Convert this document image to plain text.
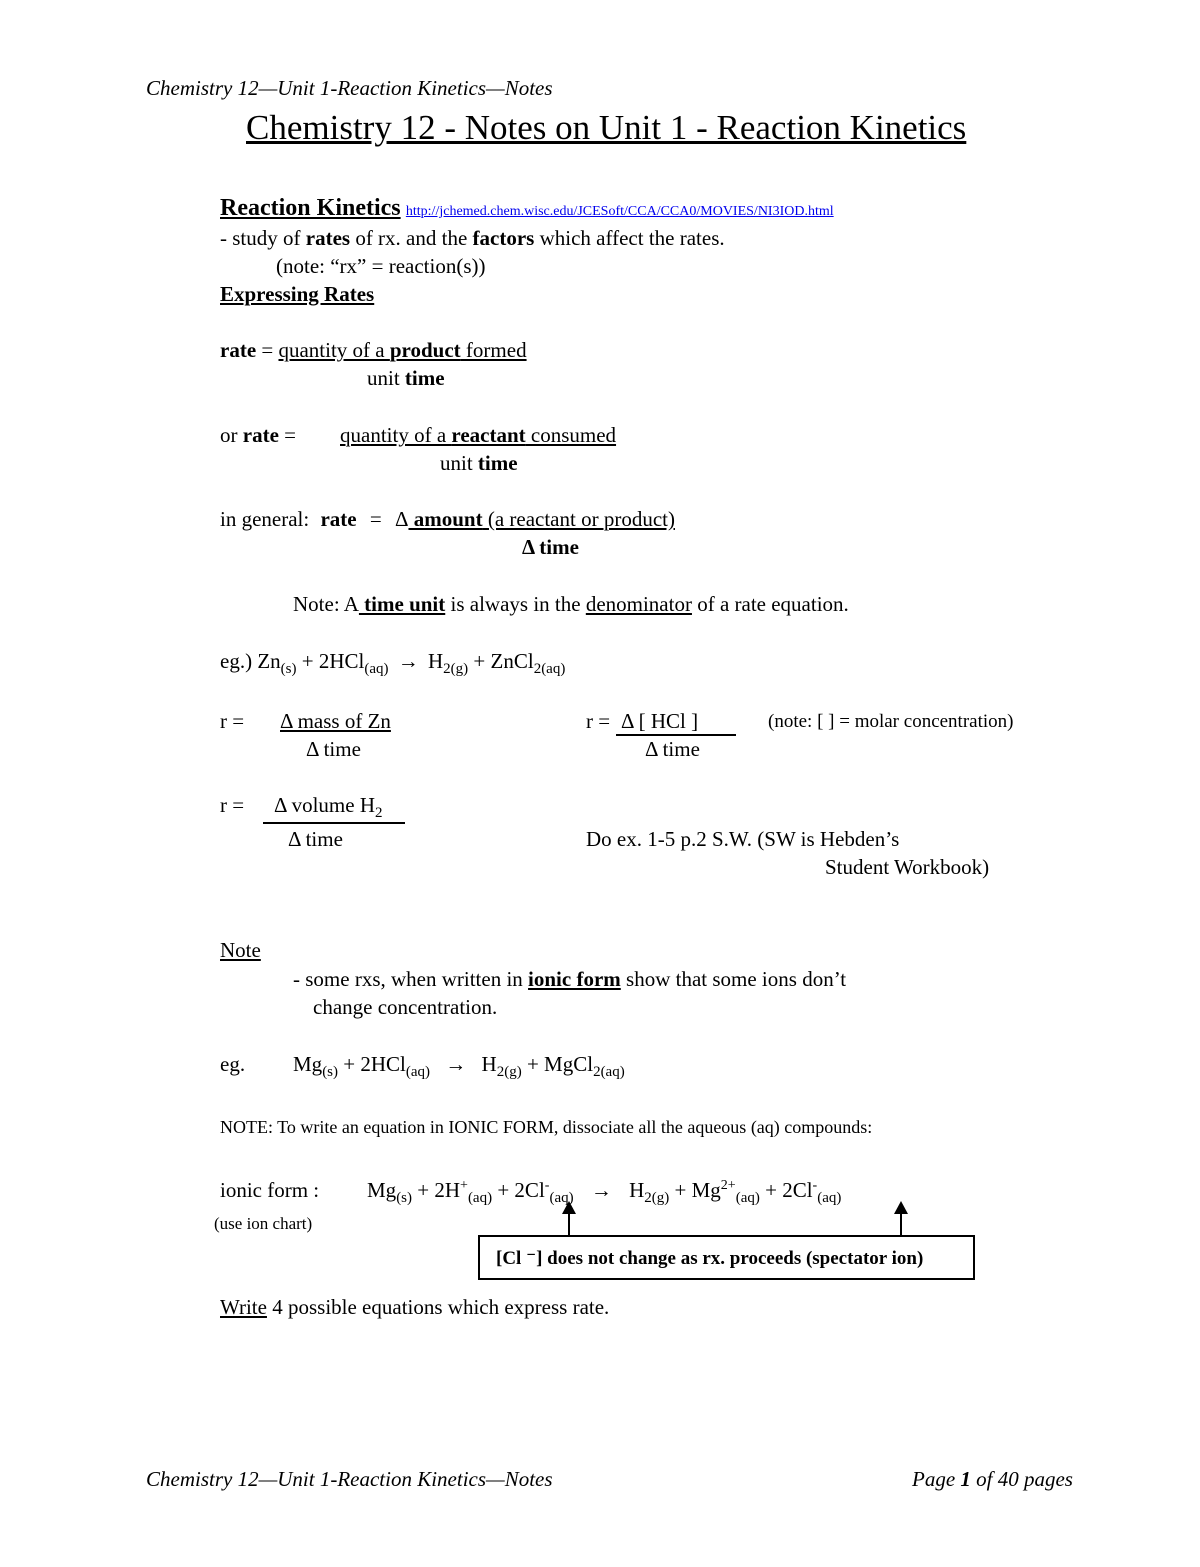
Chemistry 12—Unit 1-Reaction Kinetics—Notes
Chemistry 12 - Notes on Unit 1 - Reaction Kinetics
Reaction Kinetics http://jchemed.chem.wisc.edu/JCESoft/CCA/CCA0/MOVIES/NI3IOD.html
- study of rates of rx. and the factors which affect the rates.
(note: “rx” = reaction(s))
Expressing Rates
rate = quantity of a product formed
unit time
or rate = quantity of a reactant consumed
unit time
in general: rate = Δ amount (a reactant or product)
Δ time
Note: A time unit is always in the denominator of a rate equation.
eg.) $Zn_{(s)} + 2HCl_{(aq)} \to H_{2(g)}$ + ZnCl$_{2(aq)}$
r = Δ mass of Zn
Δ time
r = Δ [ HCl ]
Δ time
(note: [ ] = molar concentration)
r = Δ volume $H_2$
Δ time	Do ex. 1-5 p.2 S.W. (SW is Hebden’s
Student Workbook)
Note
- some rxs, when written in ionic form show that some ions don’t
change concentration.
eg. $Mg_{(s)} + 2HCl_{(aq)} \to H_{2(g)}$ + MgCl$_{2(aq)}$
NOTE: To write an equation in IONIC FORM, dissociate all the aqueous (aq) compounds:
ionic form :
(use ion chart)
$Mg_{(s)} + 2H^+_{(aq)} + 2Cl^-_{(aq)} \to H_{2(g)} + Mg^{2+}_{(aq)} + 2Cl^-_{(aq)}$
[Cl ⁻] does not change as rx. proceeds (spectator ion)
Write 4 possible equations which express rate.
Chemistry 12—Unit 1-Reaction Kinetics—Notes	Page 1 of 40 pages
